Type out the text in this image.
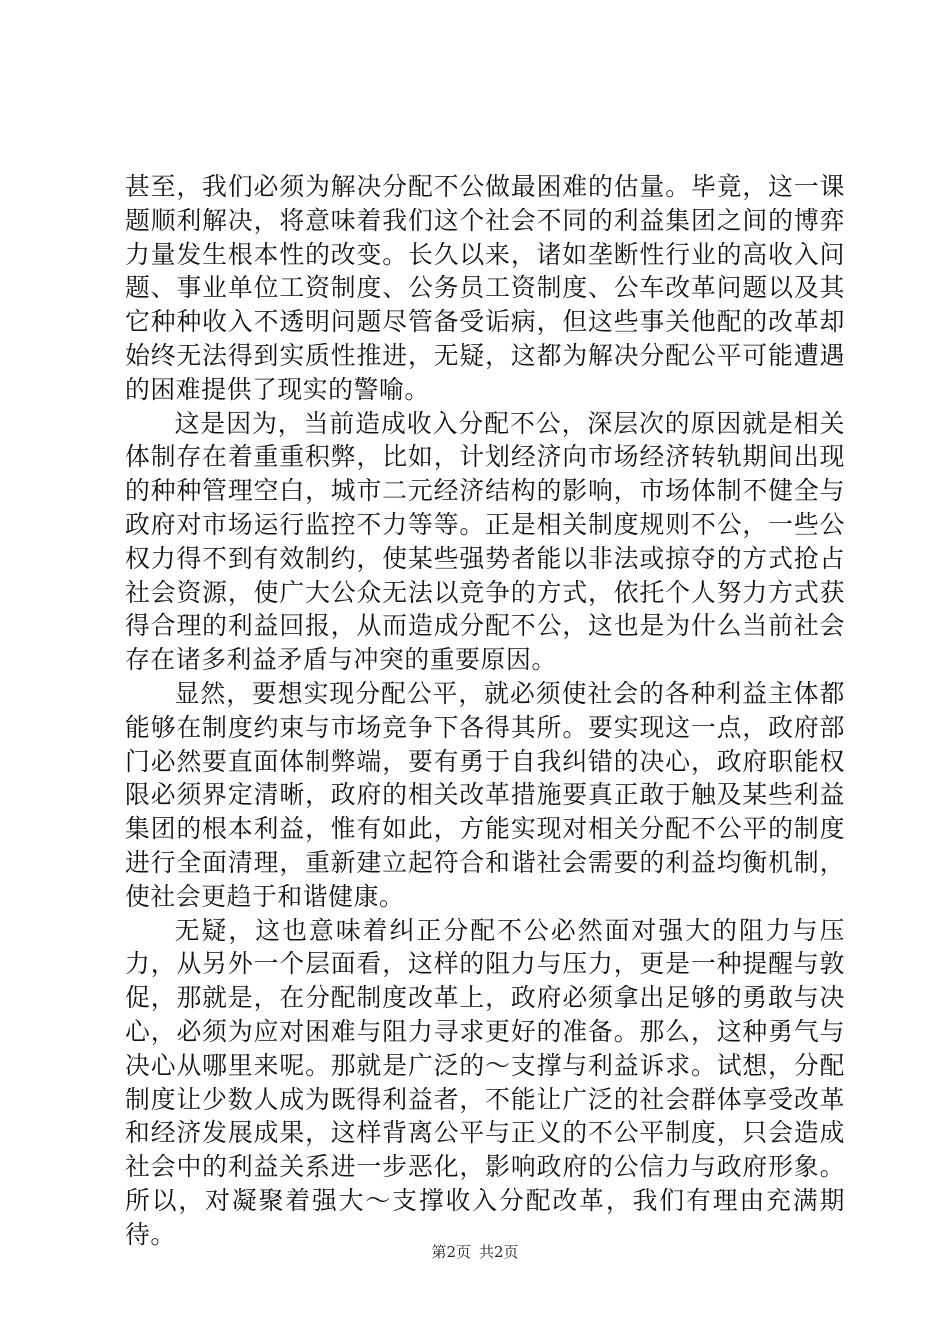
甚至，我们必须为解决分配不公做最困难的估量。毕竟，这一课题顺利解决，将意味着我们这个社会不同的利益集团之间的博弈力量发生根本性的改变。长久以来，诸如垄断性行业的高收入问题、事业单位工资制度、公务员工资制度、公车改革问题以及其它种种收入不透明问题尽管备受诟病，但这些事关他配的改革却始终无法得到实质性推进，无疑，这都为解决分配公平可能遭遇的困难提供了现实的警喻。

这是因为，当前造成收入分配不公，深层次的原因就是相关体制存在着重重积弊，比如，计划经济向市场经济转轨期间出现的种种管理空白，城市二元经济结构的影响，市场体制不健全与政府对市场运行监控不力等等。正是相关制度规则不公，一些公权力得不到有效制约，使某些强势者能以非法或掠夺的方式抢占社会资源，使广大公众无法以竞争的方式，依托个人努力方式获得合理的利益回报，从而造成分配不公，这也是为什么当前社会存在诸多利益矛盾与冲突的重要原因。

显然，要想实现分配公平，就必须使社会的各种利益主体都能够在制度约束与市场竞争下各得其所。要实现这一点，政府部门必然要直面体制弊端，要有勇于自我纠错的决心，政府职能权限必须界定清晰，政府的相关改革措施要真正敢于触及某些利益集团的根本利益，惟有如此，方能实现对相关分配不公平的制度进行全面清理，重新建立起符合和谐社会需要的利益均衡机制，使社会更趋于和谐健康。

无疑，这也意味着纠正分配不公必然面对强大的阻力与压力，从另外一个层面看，这样的阻力与压力，更是一种提醒与敦促，那就是，在分配制度改革上，政府必须拿出足够的勇敢与决心，必须为应对困难与阻力寻求更好的准备。那么，这种勇气与决心从哪里来呢。那就是广泛的～支撑与利益诉求。试想，分配制度让少数人成为既得利益者，不能让广泛的社会群体享受改革和经济发展成果，这样背离公平与正义的不公平制度，只会造成社会中的利益关系进一步恶化，影响政府的公信力与政府形象。所以，对凝聚着强大～支撑收入分配改革，我们有理由充满期待。

第2页 共2页
